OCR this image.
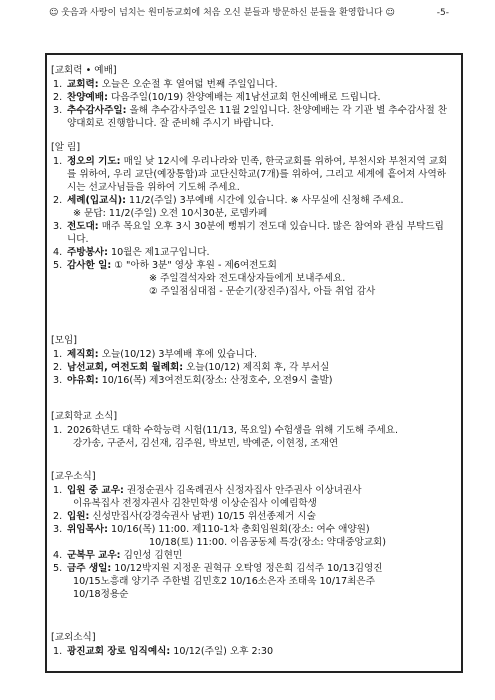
☺ 웃음과 사랑이 넘치는 원미동교회에 처음 오신 분들과 방문하신 분들을 환영합니다 ☺	-5-
[교회력 • 예배]
1. 교회력: 오늘은 오순절 후 열여덟 번째 주일입니다.
2. 찬양예배: 다음주일(10/19) 찬양예배는 제1남선교회 헌신예배로 드립니다.
3. 추수감사주일: 올해 추수감사주일은 11월 2일입니다. 찬양예배는 각 기관 별 추수감사절 찬양대회로 진행합니다. 잘 준비해 주시기 바랍니다.
[알 림]
1. 정오의 기도: 매일 낮 12시에 우리나라와 민족, 한국교회를 위하여, 부천시와 부천지역 교회를 위하여, 우리 교단(예장통합)과 교단신학교(7개)를 위하여, 그리고 세계에 흩어져 사역하시는 선교사님들을 위하여 기도해 주세요.
2. 세례(입교식): 11/2(주일) 3부예배 시간에 있습니다. ※ 사무실에 신청해 주세요.
※ 문답: 11/2(주일) 오전 10시30분, 로뎀카페
3. 전도대: 매주 목요일 오후 3시 30분에 뻥튀기 전도대 있습니다. 많은 참여와 관심 부탁드립니다.
4. 주방봉사: 10월은 제1교구입니다.
5. 감사한 일: ① "아하 3분" 영상 후원 - 제6여전도회
※ 주일결석자와 전도대상자들에게 보내주세요.
② 주일점심대접 - 문순기(장진주)집사, 아들 취업 감사
[모임]
1. 제직회: 오늘(10/12) 3부예배 후에 있습니다.
2. 남선교회, 여전도회 월례회: 오늘(10/12) 제직회 후, 각 부서실
3. 야유회: 10/16(목) 제3여전도회(장소: 산정호수, 오전9시 출발)
[교회학교 소식]
1. 2026학년도 대학 수학능력 시험(11/13, 목요일) 수험생을 위해 기도해 주세요.
강가송, 구준서, 김선재, 김주원, 박보민, 박예준, 이현정, 조재연
[교우소식]
1. 입원 중 교우: 권정순권사 김옥례권사 신정자집사 안주권사 이상녀권사
이유복집사 전정자권사 김찬민학생 이상순집사 이예림학생
2. 입원: 신성만집사(강경숙권사 남편) 10/15 위선종제거 시술
3. 위임목사: 10/16(목) 11:00. 제110-1차 총회임원회(장소: 여수 애양원)
10/18(토) 11:00. 이음공동체 특강(장소: 약대중앙교회)
4. 군복무 교우: 김인성 김현민
5. 금주 생일: 10/12박지원 지정운 권혁규 오탁영 정은희 김석주 10/13김영진
10/15노흥래 양기주 주한별 김민호2 10/16소은자 조태욱 10/17최은주
10/18정용순
[교외소식]
1. 광진교회 장로 임직예식: 10/12(주일) 오후 2:30
